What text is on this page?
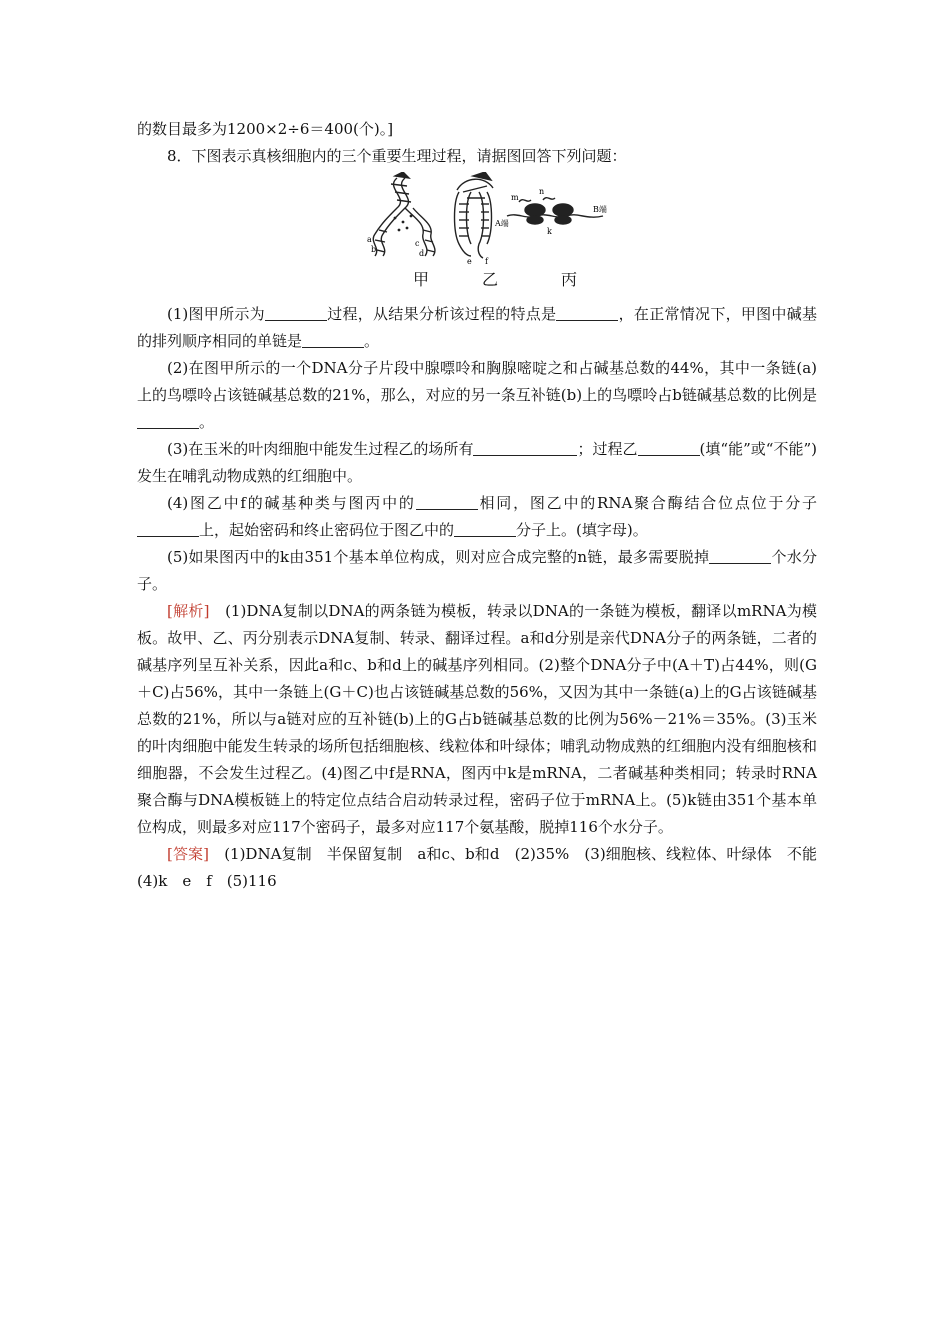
的数目最多为1200×2÷6＝400(个)。]

8．下图表示真核细胞内的三个重要生理过程，请据图回答下列问题：

a
b
c
d
e f
m
n
k
A端
B端
甲	乙	丙

(1)图甲所示为	过程，从结果分析该过程的特点是	，在正常情况下，甲图中碱基的排列顺序相同的单链是	。

(2)在图甲所示的一个DNA分子片段中腺嘌呤和胸腺嘧啶之和占碱基总数的44%，其中一条链(a)上的鸟嘌呤占该链碱基总数的21%，那么，对应的另一条互补链(b)上的鸟嘌呤占b链碱基总数的比例是。

(3)在玉米的叶肉细胞中能发生过程乙的场所有	；过程乙	(填“能”或“不能”)发生在哺乳动物成熟的红细胞中。

(4)图乙中f的碱基种类与图丙中的	相同，图乙中的RNA聚合酶结合位点位于分子上，起始密码和终止密码位于图乙中的	分子上。(填字母)。

(5)如果图丙中的k由351个基本单位构成，则对应合成完整的n链，最多需要脱掉	个水分子。

[解析]　(1)DNA复制以DNA的两条链为模板，转录以DNA的一条链为模板，翻译以mRNA为模板。故甲、乙、丙分别表示DNA复制、转录、翻译过程。a和d分别是亲代DNA分子的两条链，二者的碱基序列呈互补关系，因此a和c、b和d上的碱基序列相同。(2)整个DNA分子中(A＋T)占44%，则(G＋C)占56%，其中一条链上(G＋C)也占该链碱基总数的56%，又因为其中一条链(a)上的G占该链碱基总数的21%，所以与a链对应的互补链(b)上的G占b链碱基总数的比例为56%－21%＝35%。(3)玉米的叶肉细胞中能发生转录的场所包括细胞核、线粒体和叶绿体；哺乳动物成熟的红细胞内没有细胞核和细胞器，不会发生过程乙。(4)图乙中f是RNA，图丙中k是mRNA，二者碱基种类相同；转录时RNA聚合酶与DNA模板链上的特定位点结合启动转录过程，密码子位于mRNA上。(5)k链由351个基本单位构成，则最多对应117个密码子，最多对应117个氨基酸，脱掉116个水分子。

[答案]　(1)DNA复制　半保留复制　a和c、b和d　(2)35%　(3)细胞核、线粒体、叶绿体　不能　(4)k　e　f　(5)116
